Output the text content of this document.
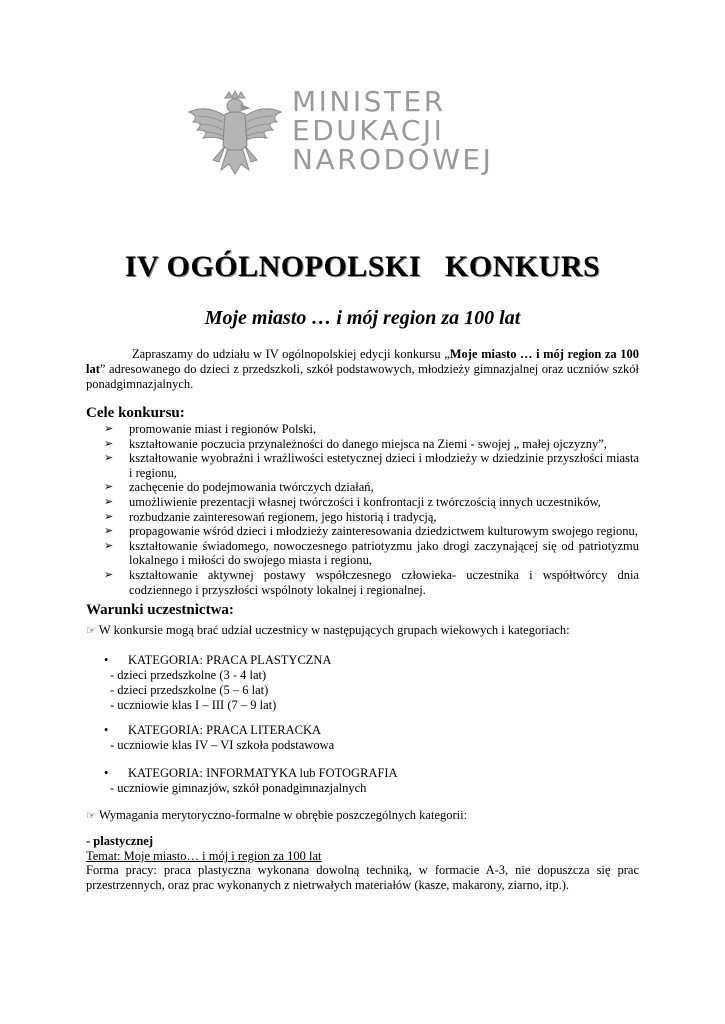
MINISTER
EDUKACJI
NARODOWEJ
IV OGÓLNOPOLSKI   KONKURS
Moje miasto … i mój region za 100 lat
Zapraszamy do udziału w IV ogólnopolskiej edycji konkursu „Moje miasto … i mój region za 100 lat” adresowanego do dzieci z przedszkoli, szkół podstawowych, młodzieży gimnazjalnej oraz uczniów szkół ponadgimnazjalnych.
Cele konkursu:
➢ promowanie miast i regionów Polski,
➢ kształtowanie poczucia przynależności do danego miejsca na Ziemi - swojej „ małej ojczyzny”,
➢ kształtowanie wyobraźni i wrażliwości estetycznej dzieci i młodzieży w dziedzinie przyszłości miasta i regionu,
➢ zachęcenie do podejmowania twórczych działań,
➢ umożliwienie prezentacji własnej twórczości i konfrontacji z twórczością innych uczestników,
➢ rozbudzanie zainteresowań regionem, jego historią i tradycją,
➢ propagowanie wśród dzieci i młodzieży zainteresowania dziedzictwem kulturowym swojego regionu,
➢ kształtowanie świadomego, nowoczesnego patriotyzmu jako drogi zaczynającej się od patriotyzmu lokalnego i miłości do swojego miasta i regionu,
➢ kształtowanie aktywnej postawy współczesnego człowieka- uczestnika i współtwórcy dnia codziennego i przyszłości wspólnoty lokalnej i regionalnej.
Warunki uczestnictwa:
☞ W konkursie mogą brać udział uczestnicy w następujących grupach wiekowych i kategoriach:
• KATEGORIA: PRACA PLASTYCZNA
- dzieci przedszkolne (3 - 4 lat)
- dzieci przedszkolne (5 – 6 lat)
- uczniowie klas I – III (7 – 9 lat)
• KATEGORIA: PRACA LITERACKA
- uczniowie klas IV – VI szkoła podstawowa
• KATEGORIA: INFORMATYKA lub FOTOGRAFIA
- uczniowie gimnazjów, szkół ponadgimnazjalnych
☞ Wymagania merytoryczno-formalne w obrębie poszczególnych kategorii:
- plastycznej
Temat: Moje miasto… i mój i region za 100 lat
Forma pracy: praca plastyczna wykonana dowolną techniką, w formacie A-3, nie dopuszcza się prac przestrzennych, oraz prac wykonanych z nietrwałych materiałów (kasze, makarony, ziarno, itp.).
